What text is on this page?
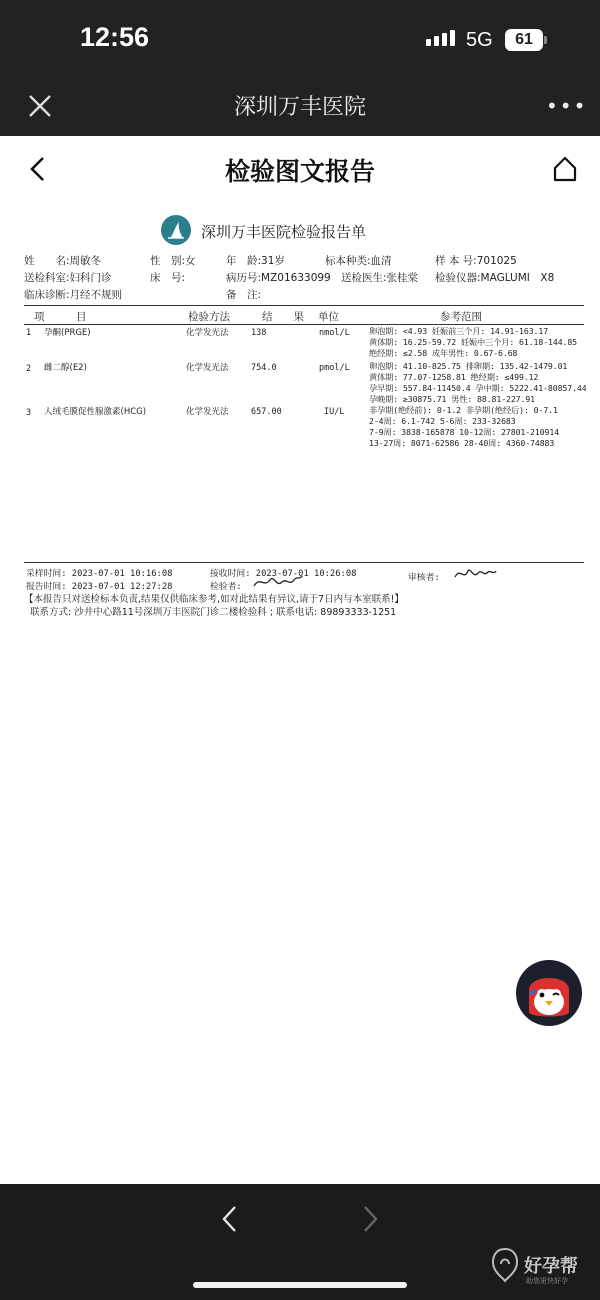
12:56	5G	61
深圳万丰医院	•••
检验图文报告
深圳万丰医院检验报告单
姓　　名:周敏冬	性　别:女	年　龄:31岁	标本种类:血清	样 本 号:701025
送检科室:妇科门诊	床　号:	病历号:MZ01633099 送检医生:张桂棠 检验仪器:MAGLUMI　X8
临床诊断:月经不规则	备　注:
项　　　目	检验方法	结　　果 单位	参考范围
1 孕酮(PRGE)	化学发光法	138	nmol/L 卵泡期: <4.93 妊娠前三个月: 14.91-163.17
黄体期: 16.25-59.72 妊娠中三个月: 61.18-144.85
绝经期: ≤2.58 成年男性: 0.67-6.68
2 雌二醇(E2)	化学发光法	754.0	pmol/L 卵泡期: 41.10-825.75 排卵期: 135.42-1479.01
黄体期: 77.07-1258.81 绝经期: ≤499.12
孕早期: 557.84-11450.4 孕中期: 5222.41-80857.44
孕晚期: ≥30875.71 男性: 88.81-227.91
3 人绒毛膜促性腺激素(HCG)	化学发光法	657.00	IU/L	非孕期(绝经前): 0-1.2 非孕期(绝经后): 0-7.1
2-4周: 6.1-742 5-6周: 233-32683
7-9周: 3838-165878 10-12周: 27801-210914
13-27周: 8071-62586 28-40周: 4360-74883
采样时间: 2023-07-01 10:16:08	接收时间: 2023-07-01 10:26:08	审核者:
报告时间: 2023-07-01 12:27:28	检验者:
【本报告只对送检标本负责,结果仅供临床参考,如对此结果有异议,请于7日内与本室联系!】
联系方式: 沙井中心路11号深圳万丰医院门诊二楼检验科 ; 联系电话: 89893333-1251
好孕帮
助您更快好孕
